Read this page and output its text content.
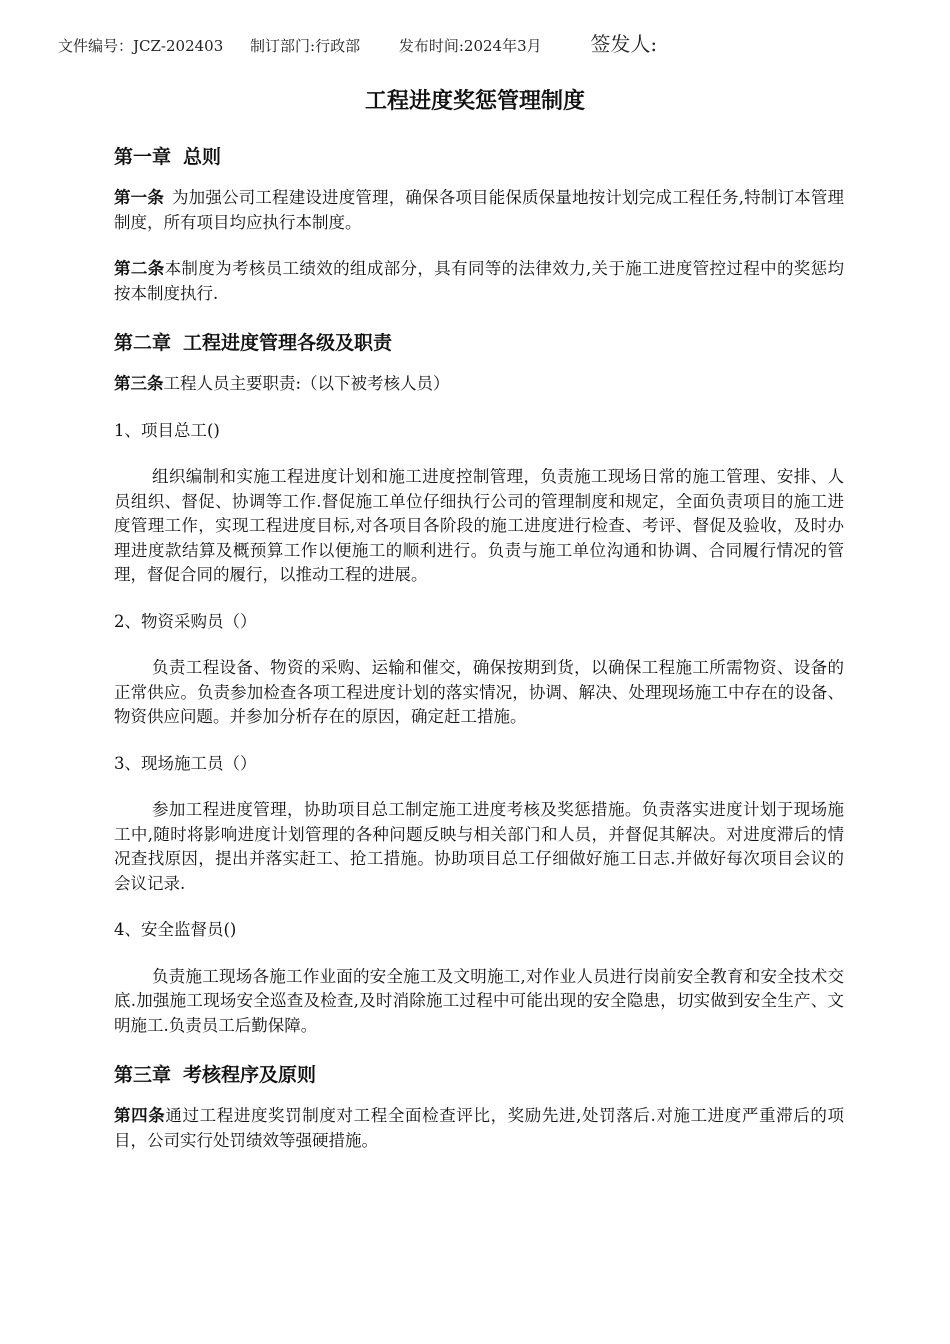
文件编号：JCZ-202403 制订部门:行政部	发布时间:2024年3月 签发人:
工程进度奖惩管理制度
第一章 总则

第一条 为加强公司工程建设进度管理，确保各项目能保质保量地按计划完成工程任务,特制订本管理制度，所有项目均应执行本制度。

第二条本制度为考核员工绩效的组成部分，具有同等的法律效力,关于施工进度管控过程中的奖惩均按本制度执行.

第二章 工程进度管理各级及职责

第三条工程人员主要职责:（以下被考核人员）

1、项目总工()

组织编制和实施工程进度计划和施工进度控制管理，负责施工现场日常的施工管理、安排、人员组织、督促、协调等工作.督促施工单位仔细执行公司的管理制度和规定，全面负责项目的施工进度管理工作，实现工程进度目标,对各项目各阶段的施工进度进行检查、考评、督促及验收，及时办理进度款结算及概预算工作以便施工的顺利进行。负责与施工单位沟通和协调、合同履行情况的管理，督促合同的履行，以推动工程的进展。

2、物资采购员（）

负责工程设备、物资的采购、运输和催交，确保按期到货，以确保工程施工所需物资、设备的正常供应。负责参加检查各项工程进度计划的落实情况，协调、解决、处理现场施工中存在的设备、物资供应问题。并参加分析存在的原因，确定赶工措施。

3、现场施工员（）

参加工程进度管理，协助项目总工制定施工进度考核及奖惩措施。负责落实进度计划于现场施工中,随时将影响进度计划管理的各种问题反映与相关部门和人员，并督促其解决。对进度滞后的情况查找原因，提出并落实赶工、抢工措施。协助项目总工仔细做好施工日志.并做好每次项目会议的会议记录.

4、安全监督员()

负责施工现场各施工作业面的安全施工及文明施工,对作业人员进行岗前安全教育和安全技术交底.加强施工现场安全巡查及检查,及时消除施工过程中可能出现的安全隐患，切实做到安全生产、文明施工.负责员工后勤保障。

第三章 考核程序及原则

第四条通过工程进度奖罚制度对工程全面检查评比，奖励先进,处罚落后.对施工进度严重滞后的项目，公司实行处罚绩效等强硬措施。
